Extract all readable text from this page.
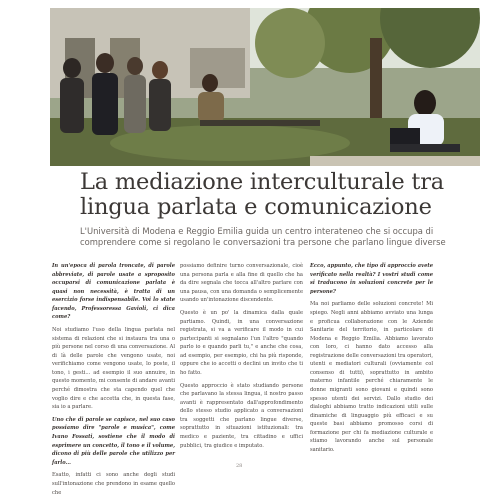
La mediazione interculturale tra lingua parlata e comunicazione

L'Università di Modena e Reggio Emilia guida un centro interateneo che si occupa di comprendere come si regolano le conversazioni tra persone che parlano lingue diverse

In un'epoca di parola troncate, di parole abbreviate, di parole usate a sproposito occuparsi di comunicazione parlata è quasi non necessità, è tratta di un esercizio forse indispensabile. Voi lo state facendo, Professoressa Gavioli, ci dica come?

Noi studiamo l'uso della lingua parlata nel sistema di relazioni che si instaura tra una o più persone nel corso di una conversazione. Al di là delle parole che vengono usate, noi verifichiamo come vengono usate, lo poste, il tono, i gesti... ad esempio il suo annuire, in questo momento, mi consente di andare avanti perché dimostra che sta capendo quel che voglio dire e che accetta che, in questa fase, sia io a parlare.

Uno che di parole se capisce, nel suo caso possiamo dire "parole e musica", come Ivano Fossati, sostiene che il modo di esprimere un concetto, il tono e il volume, dicono di più delle parole che utilizzo per farlo...

Esatto, infatti ci sono anche degli studi sull'intonazione che prendono in esame quello che

possiamo definire turno conversazionale, cioè una persona parla e alla fine di quello che ha da dire segnala che tocca all'altro parlare con una pausa, con una domanda o semplicemente usando un'intonazione discendente.

Questo è un po' la dinamica dalla quale partiamo. Quindi, in una conversazione registrata, si va a verificare il modo in cui partecipanti si segnalano l'un l'altro "quando parlo io e quando parli tu," e anche che cosa, ad esempio, per esempio, chi ha più risponde, oppure che io accetti o declini un invito che ti ho fatto.

Questo approccio è stato studiando persone che parlavano la stessa lingua, il nostro passo avanti è rappresentato dall'approfondimento dello stesso studio applicato a conversazioni tra soggetti che parlano lingue diverse, soprattutto in situazioni istituzionali: tra medico e paziente, tra cittadino e uffici pubblici, tra giudice e imputato.

Ecco, appunto, che tipo di approccio avete verificato nella realtà? I vostri studi come si traducono in soluzioni concrete per le persone?

Ma noi parliamo delle soluzioni concrete! Mi spiego. Negli anni abbiamo avviato una lunga e proficua collaborazione con le Aziende Sanitarie del territorio, in particolare di Modena e Reggio Emilia. Abbiamo lavorato con loro, ci hanno dato accesso alla registrazione delle conversazioni tra operatori, utenti e mediatori culturali (ovviamente col consenso di tutti), soprattutto in ambito materno infantile perché chiaramente le donne migranti sono giovani e quindi sono spesso utenti dei servizi. Dallo studio dei dialoghi abbiamo tratto indicazioni utili sulle dinamiche di linguaggio più efficaci e su queste basi abbiamo promosso corsi di formazione per chi fa mediazione culturale e stiamo lavorando anche sul personale sanitario.

28
